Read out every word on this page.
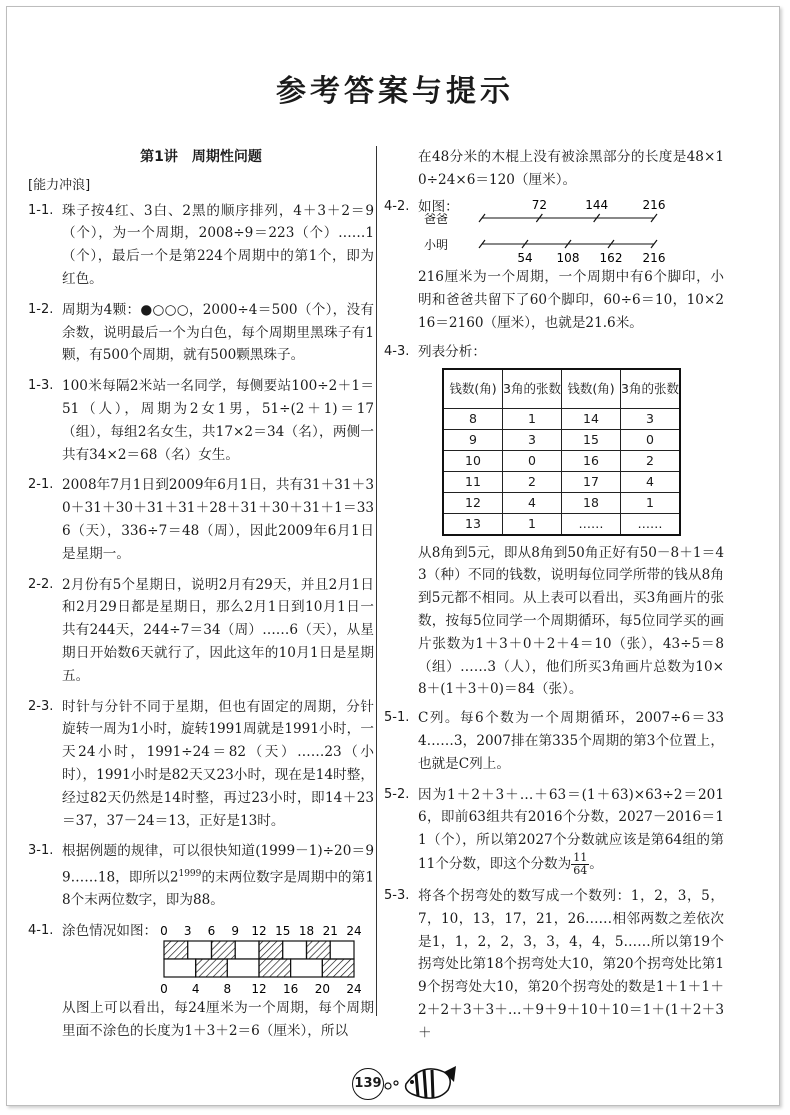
参考答案与提示
第1讲　周期性问题
[能力冲浪]
1-1. 珠子按4红、3白、2黑的顺序排列，4＋3＋2＝9（个），为一个周期，2008÷9＝223（个）……1（个），最后一个是第224个周期中的第1个，即为红色。
1-2. 周期为4颗：●○○○，2000÷4＝500（个），没有余数，说明最后一个为白色，每个周期里黑珠子有1颗，有500个周期，就有500颗黑珠子。
1-3. 100米每隔2米站一名同学，每侧要站100÷2＋1＝51（人），周期为2女1男，51÷(2＋1)＝17（组），每组2名女生，共17×2＝34（名），两侧一共有34×2＝68（名）女生。
2-1. 2008年7月1日到2009年6月1日，共有31＋31＋30＋31＋30＋31＋31＋28＋31＋30＋31＋1＝336（天），336÷7＝48（周），因此2009年6月1日是星期一。
2-2. 2月份有5个星期日，说明2月有29天，并且2月1日和2月29日都是星期日，那么2月1日到10月1日一共有244天，244÷7＝34（周）……6（天），从星期日开始数6天就行了，因此这年的10月1日是星期五。
2-3. 时针与分针不同于星期，但也有固定的周期，分针旋转一周为1小时，旋转1991周就是1991小时，一天24小时，1991÷24＝82（天）……23（小时），1991小时是82天又23小时，现在是14时整，经过82天仍然是14时整，再过23小时，即14＋23＝37，37－24＝13，正好是13时。
3-1. 根据例题的规律，可以很快知道(1999－1)÷20＝99……18，即所以$2^{1999}$的末两位数字是周期中的第18个末两位数字，即为88。
4-1. 涂色情况如图： 0 3 6 9 12 15 18 21 24
0 4 8 12 16 20 24
从图上可以看出，每24厘米为一个周期，每个周期里面不涂色的长度为1＋3＋2＝6（厘米），所以
在48分米的木棍上没有被涂黑部分的长度是48×10÷24×6＝120（厘米）。
4-2. 如图：
爸爸
小明
72	144	216
54 108 162 216
216厘米为一个周期，一个周期中有6个脚印，小明和爸爸共留下了60个脚印，60÷6＝10，10×216＝2160（厘米），也就是21.6米。
4-3. 列表分析：
钱数(角)	3角的张数	钱数(角)	3角的张数
8	1	14	3
9	3	15	0
10	0	16	2
11	2	17	4
12	4	18	1
13	1	……	……
从8角到5元，即从8角到50角正好有50－8＋1＝43（种）不同的钱数，说明每位同学所带的钱从8角到5元都不相同。从上表可以看出，买3角画片的张数，按每5位同学一个周期循环，每5位同学买的画片张数为1＋3＋0＋2＋4＝10（张），43÷5＝8（组）……3（人），他们所买3角画片总数为10×8＋(1＋3＋0)＝84（张）。
5-1. C列。每6个数为一个周期循环，2007÷6＝334……3，2007排在第335个周期的第3个位置上，也就是C列上。
5-2. 因为1＋2＋3＋…＋63＝(1＋63)×63÷2＝2016，即前63组共有2016个分数，2027－2016＝11（个），所以第2027个分数就应该是第64组的第11个分数，即这个分数为 $\frac{11}{64}$ 。
5-3. 将各个拐弯处的数写成一个数列：1，2，3，5，7，10，13，17，21，26……相邻两数之差依次是1，1，2，2，3，3，4，4，5……所以第19个拐弯处比第18个拐弯处大10，第20个拐弯处比第19个拐弯处大10，第20个拐弯处的数是1＋1＋1＋2＋2＋3＋3＋…＋9＋9＋10＋10＝1＋(1＋2＋3＋
139
